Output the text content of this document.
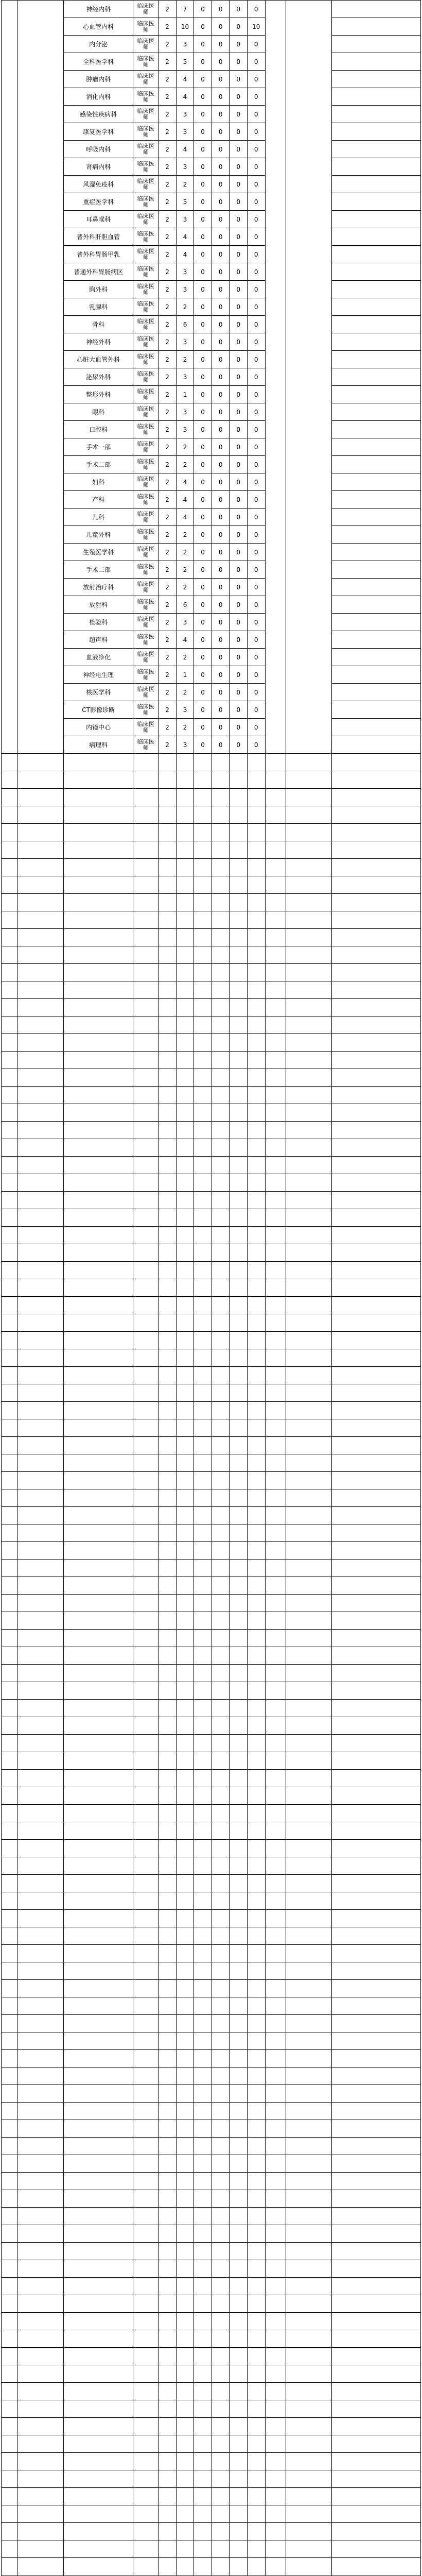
		神经内科	临床医师	2	7	0	0	0	0			
		心血管内科	临床医师	2	10	0	0	0	10			
		内分泌	临床医师	2	3	0	0	0	0			
		全科医学科	临床医师	2	5	0	0	0	0			
		肿瘤内科	临床医师	2	4	0	0	0	0			
		消化内科	临床医师	2	4	0	0	0	0			
		感染性疾病科	临床医师	2	3	0	0	0	0			
		康复医学科	临床医师	2	3	0	0	0	0			
		呼吸内科	临床医师	2	4	0	0	0	0			
		肾病内科	临床医师	2	3	0	0	0	0			
		风湿免疫科	临床医师	2	2	0	0	0	0			
		重症医学科	临床医师	2	5	0	0	0	0			
		耳鼻喉科	临床医师	2	3	0	0	0	0			
		普外科肝胆血管	临床医师	2	4	0	0	0	0			
		普外科胃肠甲乳	临床医师	2	4	0	0	0	0			
		普通外科胃肠病区	临床医师	2	3	0	0	0	0			
		胸外科	临床医师	2	3	0	0	0	0			
		乳腺科	临床医师	2	2	0	0	0	0			
		骨科	临床医师	2	6	0	0	0	0			
		神经外科	临床医师	2	3	0	0	0	0			
		心脏大血管外科	临床医师	2	2	0	0	0	0			
		泌尿外科	临床医师	2	3	0	0	0	0			
		整形外科	临床医师	2	1	0	0	0	0			
		眼科	临床医师	2	3	0	0	0	0			
		口腔科	临床医师	2	3	0	0	0	0			
		手术一部	临床医师	2	2	0	0	0	0			
		手术二部	临床医师	2	2	0	0	0	0			
		妇科	临床医师	2	4	0	0	0	0			
		产科	临床医师	2	4	0	0	0	0			
		儿科	临床医师	2	4	0	0	0	0			
		儿童外科	临床医师	2	2	0	0	0	0			
		生殖医学科	临床医师	2	2	0	0	0	0			
		手术二部	临床医师	2	2	0	0	0	0			
		放射治疗科	临床医师	2	2	0	0	0	0			
		放射科	临床医师	2	6	0	0	0	0			
		检验科	临床医师	2	3	0	0	0	0			
		超声科	临床医师	2	4	0	0	0	0			
		血液净化	临床医师	2	2	0	0	0	0			
		神经电生理	临床医师	2	1	0	0	0	0			
		核医学科	临床医师	2	2	0	0	0	0			
		CT影像诊断	临床医师	2	3	0	0	0	0			
		内镜中心	临床医师	2	2	0	0	0	0			
		病理科	临床医师	2	3	0	0	0	0			
